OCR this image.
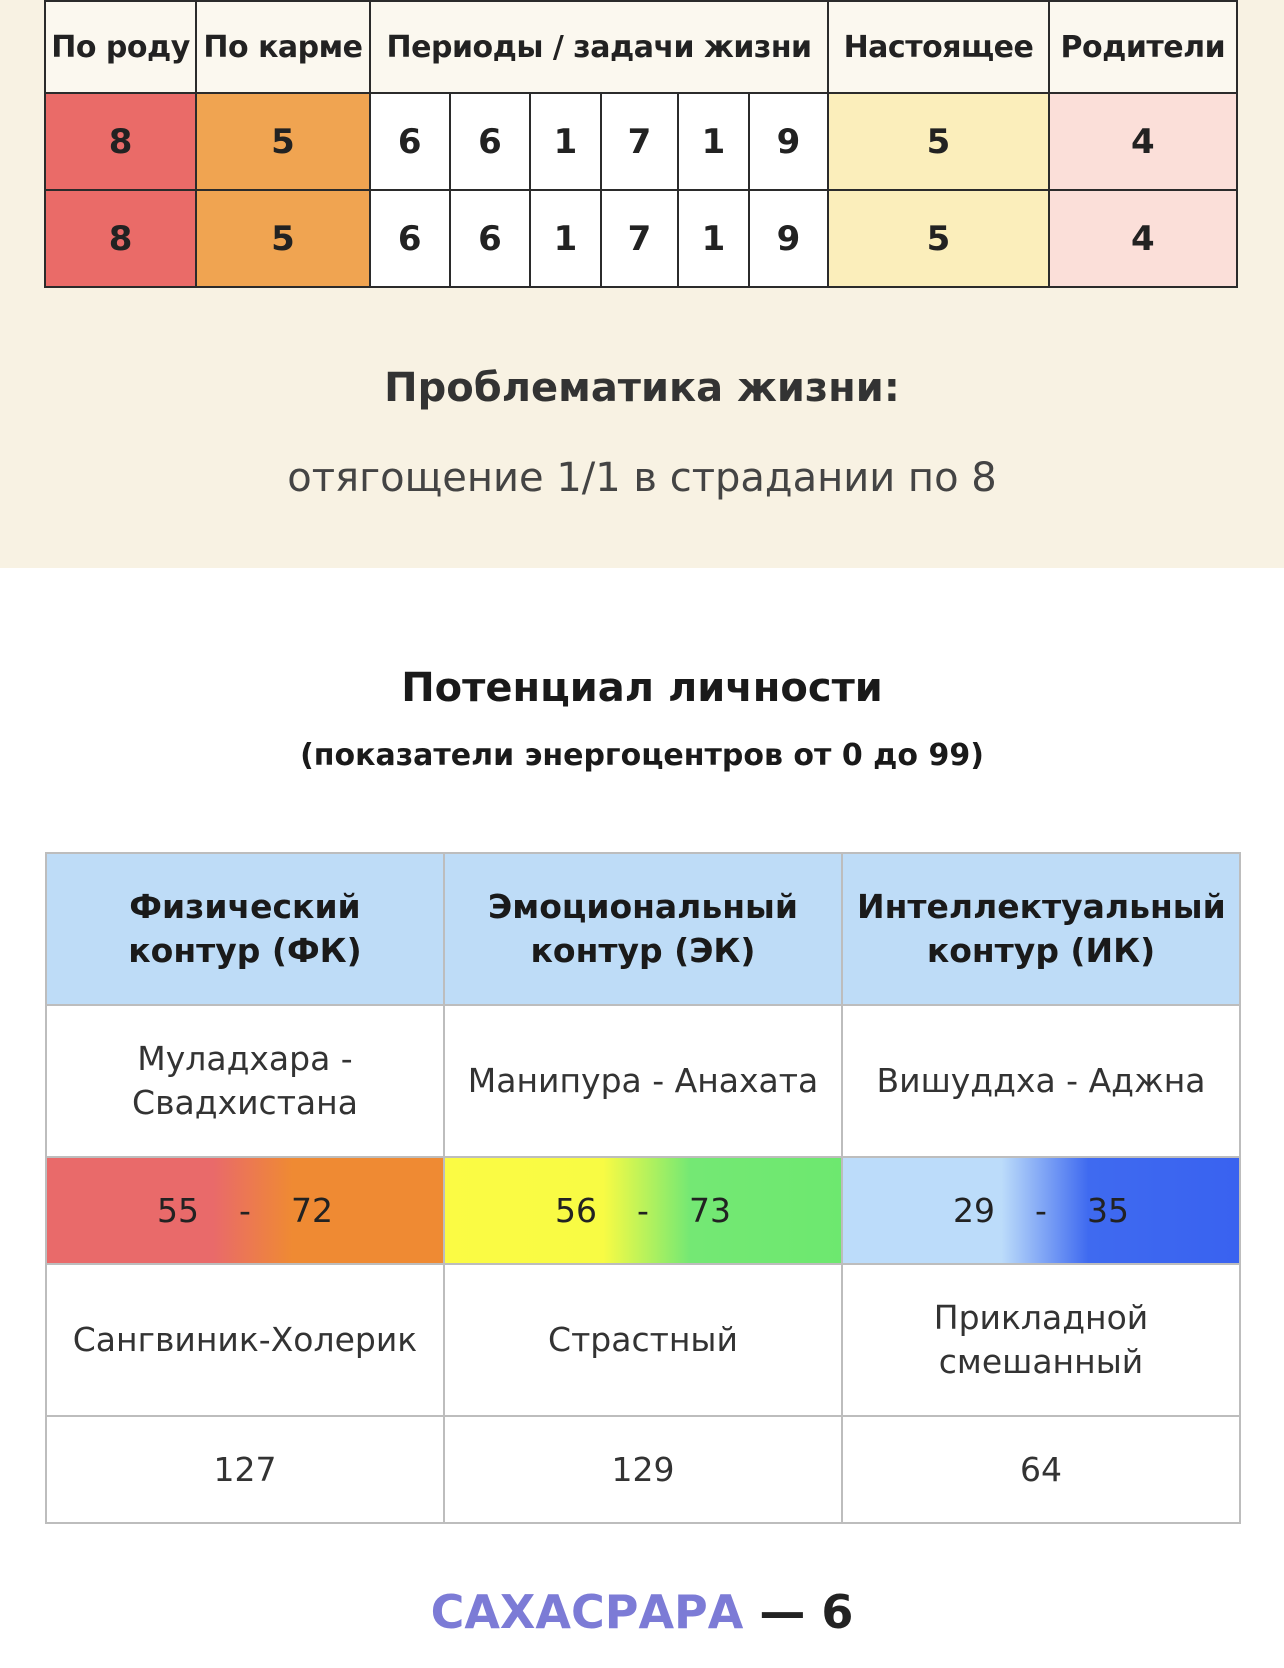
По роду	По карме	Периоды / задачи жизни						Настоящее	Родители
8	5	6	6	1	7	1	9	5	4
8	5	6	6	1	7	1	9	5	4
Проблематика жизни:
отягощение 1/1 в страдании по 8
Потенциал личности
(показатели энергоцентров от 0 до 99)
Физический контур (ФК)	Эмоциональный контур (ЭК)	Интеллектуальный контур (ИК)
Муладхара - Свадхистана	Манипура - Анахата	Вишуддха - Аджна

55 - 72	56 - 73	29 - 35

Сангвиник-Холерик	Страстный	Прикладной смешанный
127	129	64
САХАСРАРА — 6
